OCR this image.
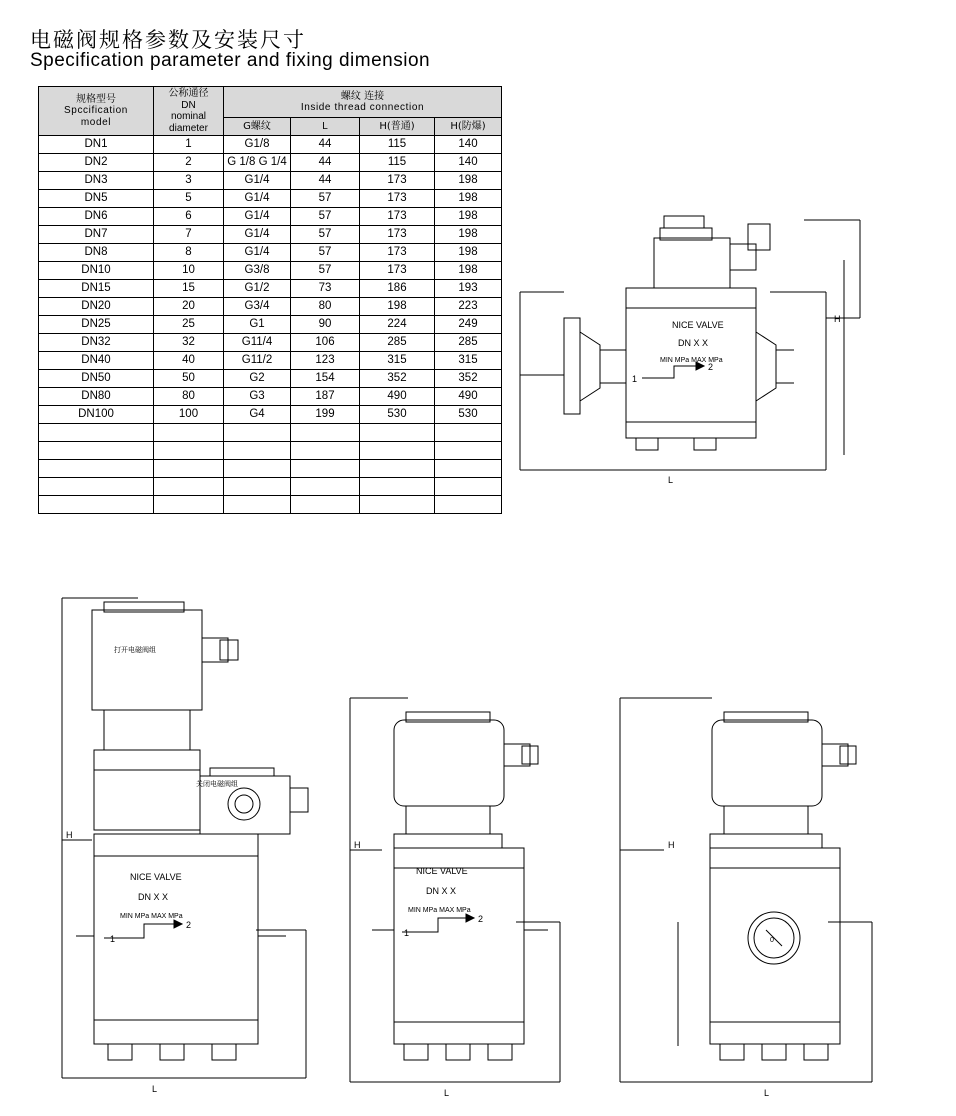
电磁阀规格参数及安装尺寸
Specification parameter and fixing dimension
规格型号
Spccification
model

公称通径
DN
nominal
diameter

螺纹 连接
Inside thread connection

		G螺纹	L	H(普通)	H(防爆)
DN1	1	G1/8	44	115	140
DN2	2	G 1/8 G 1/4	44	115	140
DN3	3	G1/4	44	173	198
DN5	5	G1/4	57	173	198
DN6	6	G1/4	57	173	198
DN7	7	G1/4	57	173	198
DN8	8	G1/4	57	173	198
DN10	10	G3/8	57	173	198
DN15	15	G1/2	73	186	193
DN20	20	G3/4	80	198	223
DN25	25	G1	90	224	249
DN32	32	G11/4	106	285	285
DN40	40	G11/2	123	315	315
DN50	50	G2	154	352	352
DN80	80	G3	187	490	490
DN100	100	G4	199	530	530

NICE VALVE
DN X X
MIN MPa MAX MPa
1
2
H
L
打开电磁阀组
关闭电磁阀组
NICE VALVE
DN X X
MIN MPa MAX MPa
1
2
H
L
NICE VALVE
DN X X
MIN MPa MAX MPa
1
2
H
L
0
H
L
